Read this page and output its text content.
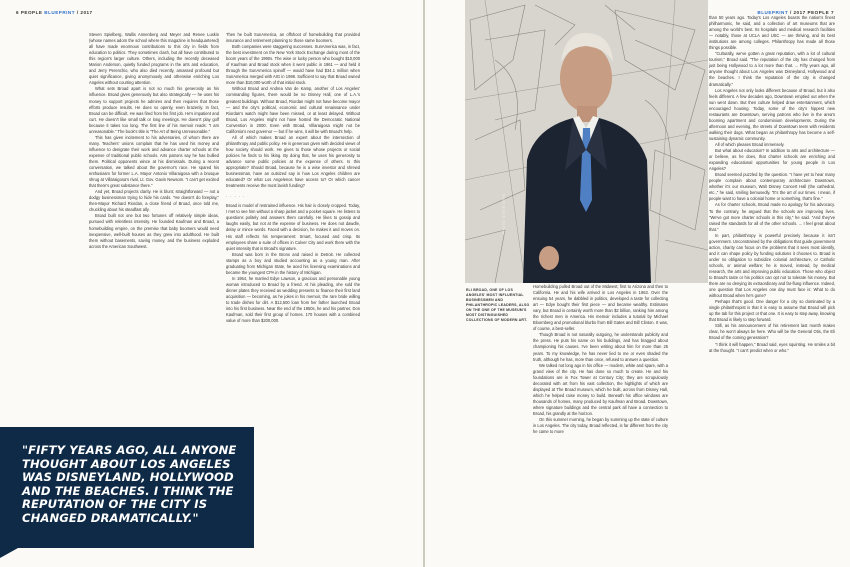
6 PEOPLE BLUEPRINT / 2017

Steven Spielberg, Wallis Annenberg and Meyer and Renee Luskin (whose names adorn the school where this magazine is headquartered) all have made enormous contributions to this city in fields from education to politics. They sometimes clash, but all have contributed to this region's larger culture. Others, including the recently deceased Marion Anderson, quietly funded programs in the arts and education, and Jerry Perenchio, who also died recently, amassed profound but quiet significance, giving anonymously and otherwise enriching Los Angeles without courting attention.

What sets Broad apart is not so much his generosity as his influence. Broad gives generously but also strategically — he uses his money to support projects he admires and then requires that those efforts produce results. He does so openly, even brazenly. In fact, Broad can be difficult. He was fired from his first job. He's impatient and curt. He doesn't like small talk or long meetings. He doesn't play golf because it takes too long. The first line of his memoir reads: "I am unreasonable." The book's title is "The Art of Being Unreasonable."

This has given incitement to his adversaries, of whom there are many. Teachers' unions complain that he has used his money and influence to denigrate their work and advance charter schools at the expense of traditional public schools. Arts patrons say he has bullied them. Political opponents wince at his dismissals. During a recent conversation, we talked about the governor's race. He spared his enthusiasm for former L.A. Mayor Antonio Villaraigosa with a brusque shrug at Villaraigosa's rival, Lt. Gov. Gavin Newsom. "I can't get excited that there's great substance there."

And yet, Broad projects clarity. He is blunt; straightforward — not a dodgy businessman trying to hide his cards. "He doesn't do foreplay," then-Mayor Richard Riordan, a close friend of Broad, once told me, chuckling about his steadfast ally.

Broad built not one but two fortunes off relatively simple ideas, pursued with relentless intensity. He founded Kaufman and Broad, a homebuilding empire, on the premise that baby boomers would need inexpensive, well-built houses as they grew into adulthood. He built them without basements, saving money, and the business exploded across the American Southwest.

Then he built SunAmerica, an offshoot of homebuilding that provided insurance and retirement planning to those same boomers.

Both companies were staggering successes. SunAmerica was, in fact, the best investment on the New York Stock Exchange during most of the boom years of the 1990s. The wise or lucky person who bought $10,000 of Kaufman and Broad stock when it went public in 1961 — and held it through the SunAmerica spinoff — would have had $34.1 million when SunAmerica merged with AIG in 1998. Sufficient to say that Broad owned more than $10,000 worth of that initial stock.

Without Broad and Andrea Van de Kamp, another of Los Angeles' commanding figures, there would be no Disney Hall, one of L.A.'s greatest buildings. Without Broad, Riordan might not have become mayor — and the city's political, economic and cultural renaissance under Riordan's watch might have been missed, or at least delayed. Without Broad, Los Angeles might not have hosted the Democratic National Convention in 2000. Even with Broad, Villaraigosa might not be California's next governor — but if he wins, it will be with Broad's help.

All of which makes Broad an expert about the intersection of philanthropy and public policy. He is generous given with decided views of how society should work. He gives to those whose projects or social policies he finds to his liking. By doing that, he uses his generosity to advance some public policies at the expense of others. Is this appropriate? Should Broad, because he is a wise investor and shrewd businessman, have an outsized say in how Los Angeles children are educated? Or what Los Angelenos have access to? Or which cancer treatments receive the most lavish funding?

. . . . .

Broad is model of restrained influence. His hair is closely cropped. Today, I met to see him without a sharp jacket and a pocket square. He listens to questions politely and answers them carefully. He likes to gossip and laughs easily, but not at the expense of business. He does not dawdle, delay or mince words. Faced with a decision, he makes it and moves on. His staff reflects his temperament: Smart, focused and crisp. Its employees share a suite of offices in Culver City and work there with the quiet intensity that is Broad's signature.

Broad was born in the Bronx and raised in Detroit. He collected stamps as a boy and studied accounting as a young man. After graduating from Michigan State, he aced his licensing examinations and became the youngest CPA in the history of Michigan.

In 1954, he married Edye Lawson, a gracious and personable young woman introduced to Broad by a friend. At his pleading, she sold the dinner plates they received as wedding presents to finance their first land acquisition — becoming, as he jokes in his memoir, the rare bride willing to trade dishes for dirt. A $12,500 loan from her father launched Broad into his first business. Near the end of the 1950s, he and his partner, Don Kaufman, sold their first group of homes. 170 houses with a combined value of more than $200,000.

"FIFTY YEARS AGO, ALL ANYONE THOUGHT ABOUT LOS ANGELES WAS DISNEYLAND, HOLLYWOOD AND THE BEACHES. I THINK THE REPUTATION OF THE CITY IS CHANGED DRAMATICALLY."
BLUEPRINT / 2017 PEOPLE 7

Homebuilding pulled Broad out of the Midwest; first to Arizona and then to California. He and his wife arrived in Los Angeles in 1963. Over the ensuing 54 years, he dabbled in politics, developed a taste for collecting art — Edye bought their first piece — and became wealthy. Estimates vary, but Broad is certainly worth more than $2 billion, ranking him among the richest men in America. His memoir includes a tutorial by Michael Bloomberg and promotional blurbs from Bill Gates and Bill Clinton. It was, of course, a best-seller.

Though Broad is not naturally outgoing, he understands publicity and the press. He puts his name on his buildings, and has bragged about championing his causes. I've been writing about him for more than 25 years. To my knowledge, he has never lied to me or even shaded the truth, although he has, more than once, refused to answer a question.

We talked not long ago in his office — modern, white and spare, with a grand view of the city. He has done so much to create. He and his foundations are in Fox Tower at Century City; they are scrupulously decorated with art from his vast collection, the highlights of which are displayed at The Broad museum, which he built, across from Disney Hall, which he helped raise money to build. Beneath his office windows are thousands of homes, many produced by Kaufman and Broad. Downtown, where signature buildings and the central park all have a connection to Broad, his grandly at the horizon.

On this summer morning, he began by summing up the state of culture in Los Angeles. The city today, Broad reflected, is far different from the city he came to more

than 50 years ago. Today's Los Angeles boasts the nation's finest philharmonic, he said, and a collection of art museums that are among the world's best. Its hospitals and medical research facilities — notably, those at UCLA and USC — are thriving, and its best institutions are among colleges. Philanthropy has made all those things possible.

"Culturally, we've gotten a great reputation, with a lot of cultural tourism," Broad said. "The reputation of the city has changed from just being Hollywood to a lot more than that. ... Fifty years ago, all anyone thought about Los Angeles was Disneyland, Hollywood and the beaches. I think the reputation of the city is changed dramatically."

Los Angeles not only looks different because of Broad, but it also feels different. A few decades ago, Downtown emptied out when the sun went down. But then culture helped draw entertainment, which encouraged housing. Today, some of the city's hippest new restaurants are Downtown, serving patrons who live in the area's booming apartment and condominium developments. During the afternoon and evening, the streets of Downtown teem with residents walking their dogs. What began as philanthropy has become a self-sustaining dynamic community.

All of which pleases Broad immensely.

But what about education? In addition to arts and architecture — or believe, as he does, that charter schools are enriching and expanding educational opportunities for young people in Los Angeles?

Broad seemed puzzled by the question. "I have yet to hear many people complain about contemporary architecture Downtown, whether it's our museum, Walt Disney Concert Hall (the cathedral, etc.," he said, smiling bemusedly. "It's the art of our times. I mean, if people want to have a colonial home or something, that's fine."

As for charter schools, Broad made no apology for his advocacy. To the contrary, he argued that the schools are improving lives. "We've got more charter schools in this city," he said. "And they've raised the standards for all of the other schools. ... I feel great about that."

In part, philanthropy is powerful precisely because it isn't government. Unconstrained by the obligations that guide government action, charity can focus on the problems that it sees most identify, and it can shape policy by funding solutions it chooses to. Broad is under no obligation to subsidize colonial architecture, or Catholic schools, or animal welfare; he is moved, instead, by medical research, the arts and improving public education. Those who object to Broad's taste or his politics can opt not to tolerate his money. But there are no denying its extraordinary and far-flung influence. Indeed, one question that Los Angeles one day must face is: What to do without Broad when he's gone?

Perhaps that's good. One danger for a city so dominated by a single philanthropist is that it is easy to assume that Broad will pick up the tab for this project or that one. It is easy to step away, knowing that Broad is likely to step forward.

Still, as his announcement of his retirement last month makes clear, he won't always be here. Who will be the General Otis, the Eli Broad of the coming generation?

"I think it will happen," Broad said, eyes squinting. He smiles a bit at the thought. "I can't predict when or who."

ELI BROAD, ONE OF LOS ANGELES' MOST INFLUENTIAL BUSINESSMEN AND PHILANTHROPIC LEADERS, ALSO ON THE ONE OF THE MUSEUM'S MOST DISTINGUISHED COLLECTIONS OF MODERN ART.
PHOTO: STEVE COHN
